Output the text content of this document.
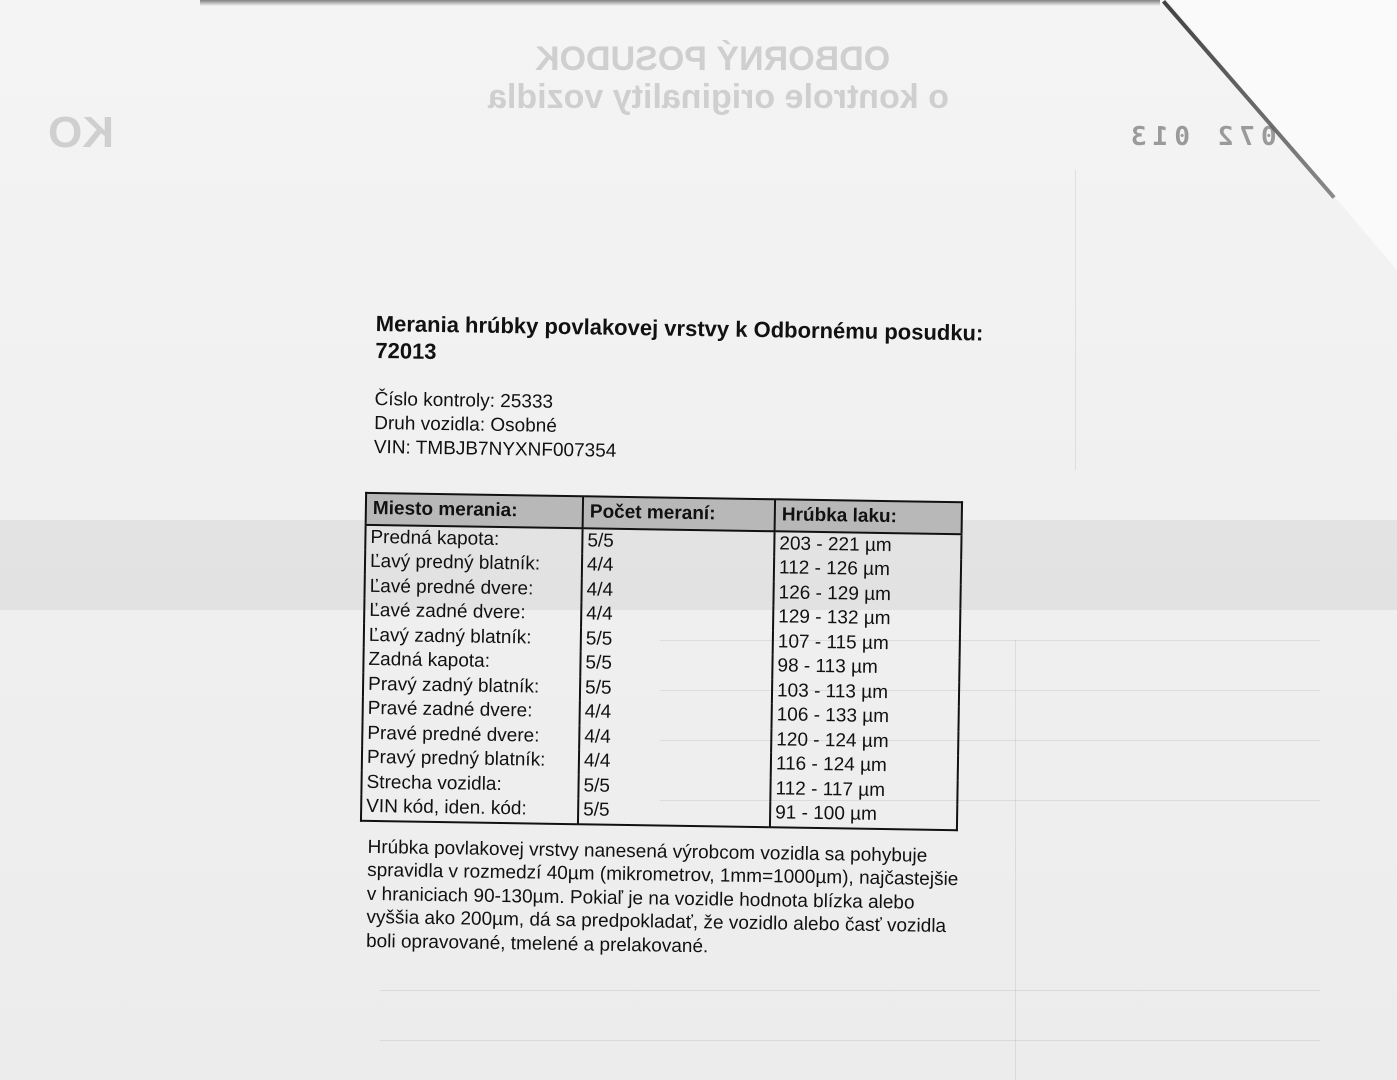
ODBORNÝ POSUDOK
o kontrole originality vozidla
KO	072 013
Merania hrúbky povlakovej vrstvy k Odbornému posudku: 72013
Číslo kontroly: 25333
Druh vozidla: Osobné
VIN: TMBJB7NYXNF007354
Miesto merania:	Počet meraní:	Hrúbka laku:
Predná kapota:	5/5	203 - 221 µm
Ľavý predný blatník:	4/4	112 - 126 µm
Ľavé predné dvere:	4/4	126 - 129 µm
Ľavé zadné dvere:	4/4	129 - 132 µm
Ľavý zadný blatník:	5/5	107 - 115 µm
Zadná kapota:	5/5	98 - 113 µm
Pravý zadný blatník:	5/5	103 - 113 µm
Pravé zadné dvere:	4/4	106 - 133 µm
Pravé predné dvere:	4/4	120 - 124 µm
Pravý predný blatník:	4/4	116 - 124 µm
Strecha vozidla:	5/5	112 - 117 µm
VIN kód, iden. kód:	5/5	91 - 100 µm

Hrúbka povlakovej vrstvy nanesená výrobcom vozidla sa pohybuje spravidla v rozmedzí 40µm (mikrometrov, 1mm=1000µm), najčastejšie v hraniciach 90-130µm. Pokiaľ je na vozidle hodnota blízka alebo vyššia ako 200µm, dá sa predpokladať, že vozidlo alebo časť vozidla boli opravované, tmelené a prelakované.
